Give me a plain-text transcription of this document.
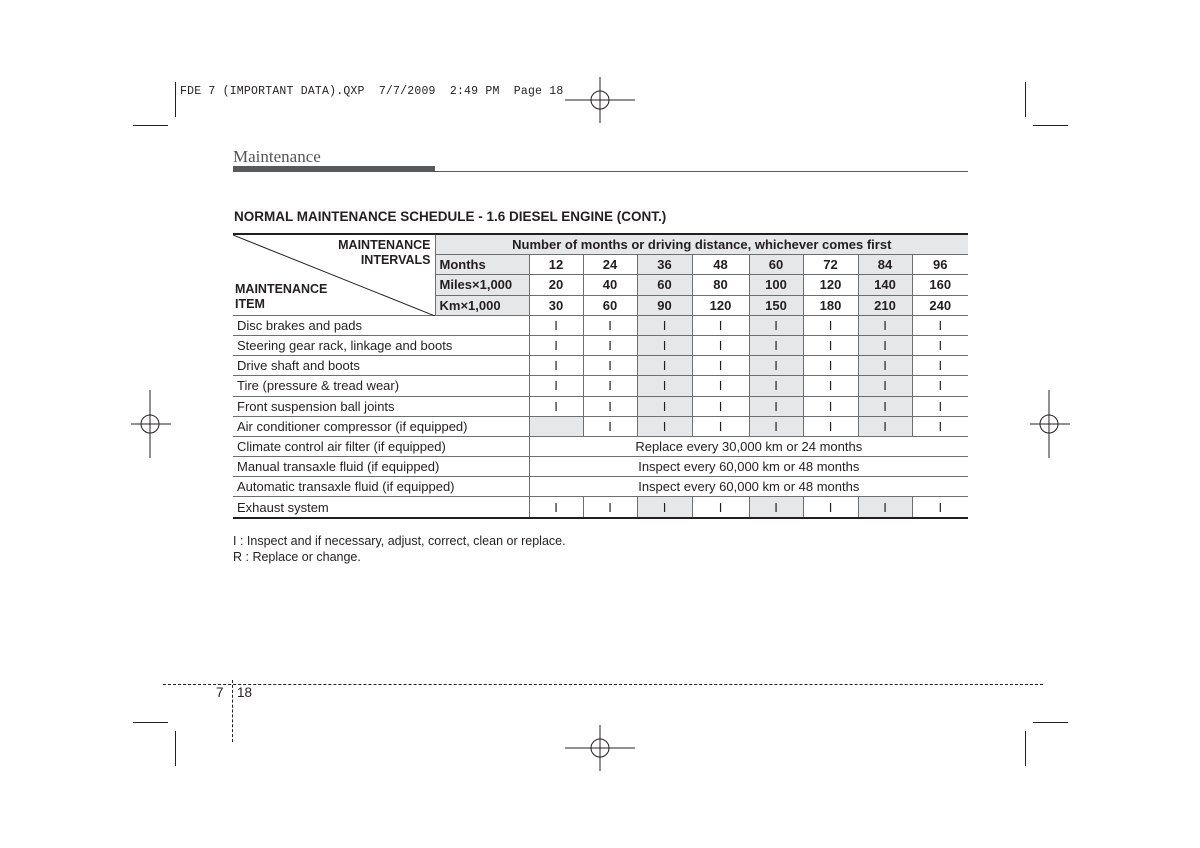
FDE 7 (IMPORTANT DATA).QXP  7/7/2009  2:49 PM  Page 18
Maintenance
NORMAL MAINTENANCE SCHEDULE - 1.6 DIESEL ENGINE (CONT.)
MAINTENANCE
INTERVALS
MAINTENANCE
ITEM	Number of months or driving distance, whichever comes first								
	Months	12	24	36	48	60	72	84	96
	Miles×1,000	20	40	60	80	100	120	140	160
	Km×1,000	30	60	90	120	150	180	210	240
Disc brakes and pads		I	I	I	I	I	I	I	I
Steering gear rack, linkage and boots		I	I	I	I	I	I	I	I
Drive shaft and boots		I	I	I	I	I	I	I	I
Tire (pressure & tread wear)		I	I	I	I	I	I	I	I
Front suspension ball joints		I	I	I	I	I	I	I	I
Air conditioner compressor (if equipped)			I	I	I	I	I	I	I
Climate control air filter (if equipped)		Replace every 30,000 km or 24 months							
Manual transaxle fluid (if equipped)		Inspect every 60,000 km or 48 months							
Automatic transaxle fluid (if equipped)		Inspect every 60,000 km or 48 months							
Exhaust system		I	I	I	I	I	I	I	I
I : Inspect and if necessary, adjust, correct, clean or replace.
R : Replace or change.
7 18
